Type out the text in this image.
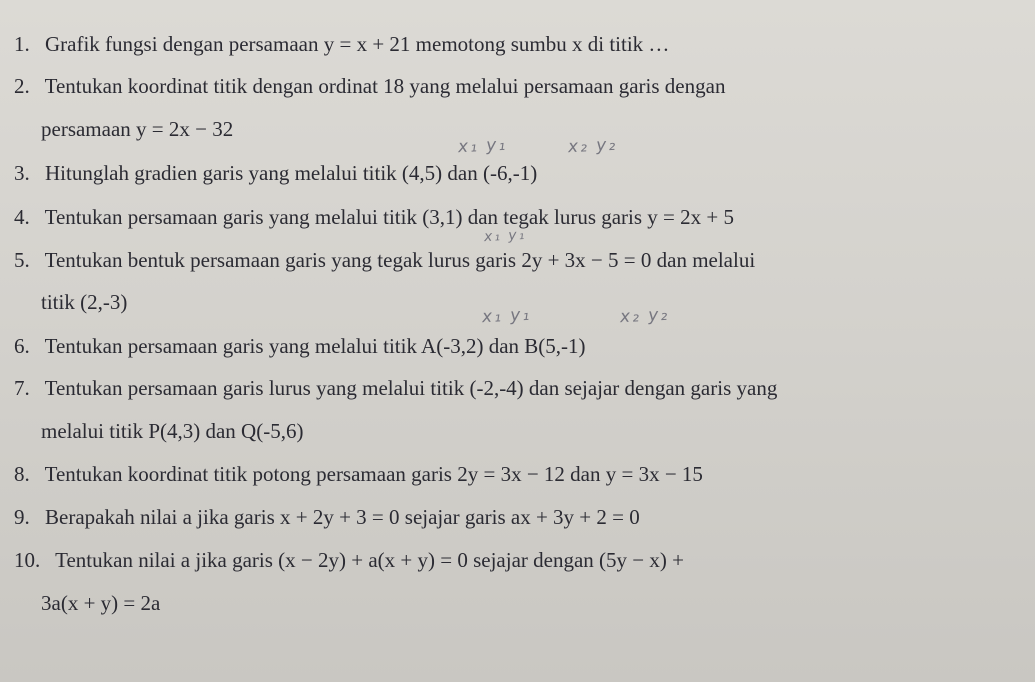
1. Grafik fungsi dengan persamaan y = x + 21 memotong sumbu x di titik …
2. Tentukan koordinat titik dengan ordinat 18 yang melalui persamaan garis dengan
persamaan y = 2x − 32
x₁ y₁	x₂ y₂
3. Hitunglah gradien garis yang melalui titik (4,5) dan (-6,-1)
4. Tentukan persamaan garis yang melalui titik (3,1) dan tegak lurus garis y = 2x + 5
x₁ y₁
5. Tentukan bentuk persamaan garis yang tegak lurus garis 2y + 3x − 5 = 0 dan melalui
titik (2,-3)
x₁ y₁	x₂ y₂
6. Tentukan persamaan garis yang melalui titik A(-3,2) dan B(5,-1)
7. Tentukan persamaan garis lurus yang melalui titik (-2,-4) dan sejajar dengan garis yang
melalui titik P(4,3) dan Q(-5,6)
8. Tentukan koordinat titik potong persamaan garis 2y = 3x − 12 dan y = 3x − 15
9. Berapakah nilai a jika garis x + 2y + 3 = 0 sejajar garis ax + 3y + 2 = 0
10. Tentukan nilai a jika garis (x − 2y) + a(x + y) = 0 sejajar dengan (5y − x) +
3a(x + y) = 2a
